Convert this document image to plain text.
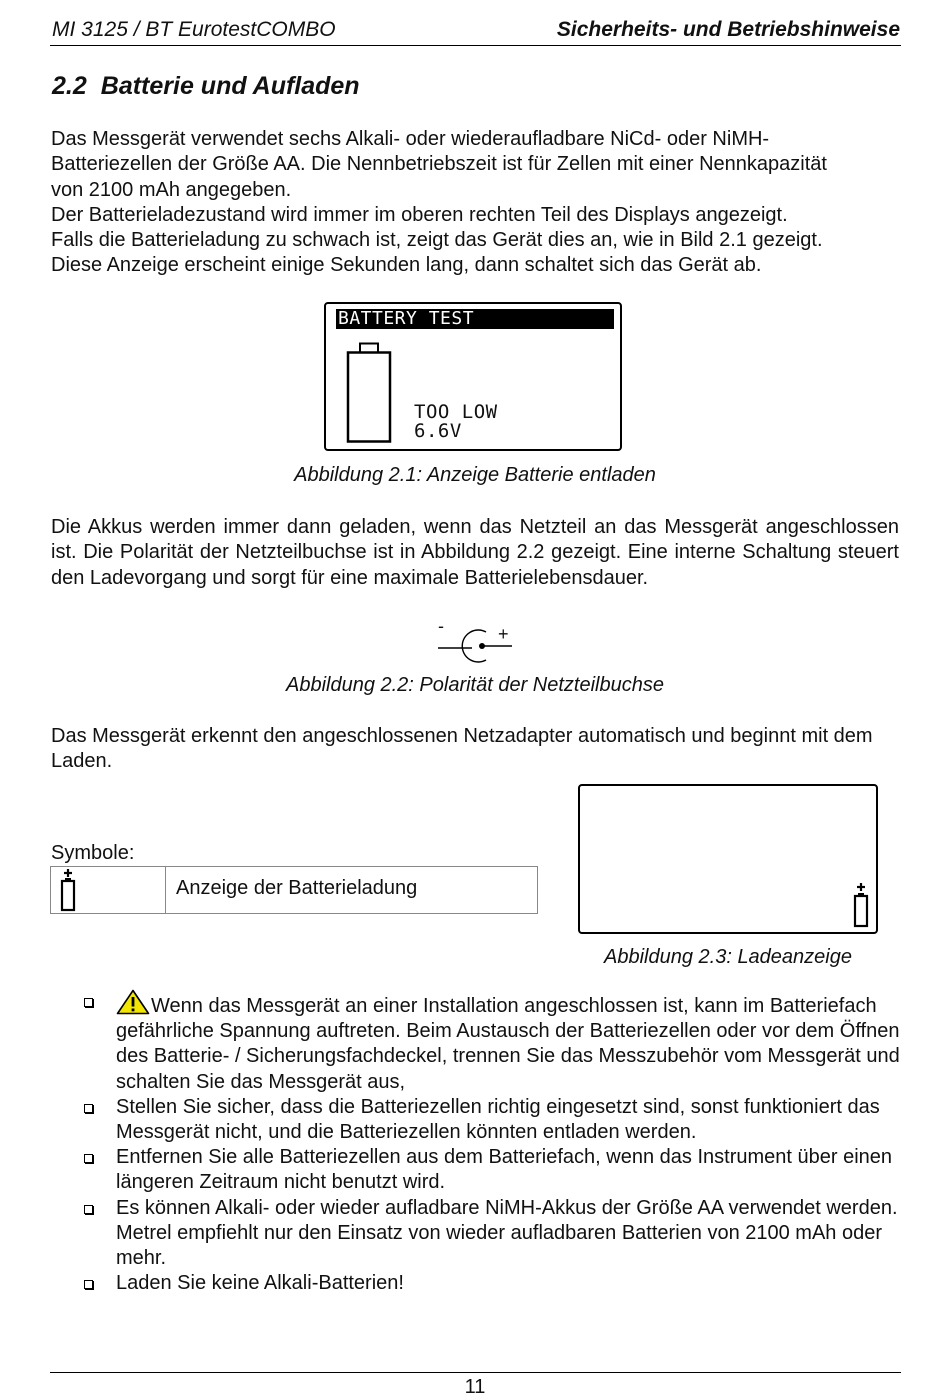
MI 3125 / BT EurotestCOMBO	Sicherheits- und Betriebshinweise
2.2 Batterie und Aufladen
Das Messgerät verwendet sechs Alkali- oder wiederaufladbare NiCd- oder NiMH-
Batteriezellen der Größe AA. Die Nennbetriebszeit ist für Zellen mit einer Nennkapazität
von 2100 mAh angegeben.
Der Batterieladezustand wird immer im oberen rechten Teil des Displays angezeigt.
Falls die Batterieladung zu schwach ist, zeigt das Gerät dies an, wie in Bild 2.1 gezeigt.
Diese Anzeige erscheint einige Sekunden lang, dann schaltet sich das Gerät ab.
BATTERY TEST
TOO LOW
6.6V
Abbildung 2.1: Anzeige Batterie entladen
Die Akkus werden immer dann geladen, wenn das Netzteil an das Messgerät angeschlossen ist. Die Polarität der Netzteilbuchse ist in Abbildung 2.2 gezeigt. Eine interne Schaltung steuert den Ladevorgang und sorgt für eine maximale Batterielebensdauer.
-	+
Abbildung 2.2: Polarität der Netzteilbuchse
Das Messgerät erkennt den angeschlossenen Netzadapter automatisch und beginnt mit dem Laden.
Symbole:
Anzeige der Batterieladung
Abbildung 2.3: Ladeanzeige
Wenn das Messgerät an einer Installation angeschlossen ist, kann im Batteriefach gefährliche Spannung auftreten. Beim Austausch der Batteriezellen oder vor dem Öffnen des Batterie- / Sicherungsfachdeckel, trennen Sie das Messzubehör vom Messgerät und schalten Sie das Messgerät aus,
Stellen Sie sicher, dass die Batteriezellen richtig eingesetzt sind, sonst funktioniert das Messgerät nicht, und die Batteriezellen könnten entladen werden.
Entfernen Sie alle Batteriezellen aus dem Batteriefach, wenn das Instrument über einen längeren Zeitraum nicht benutzt wird.
Es können Alkali- oder wieder aufladbare NiMH-Akkus der Größe AA verwendet werden. Metrel empfiehlt nur den Einsatz von wieder aufladbaren Batterien von 2100 mAh oder mehr.
Laden Sie keine Alkali-Batterien!
11
